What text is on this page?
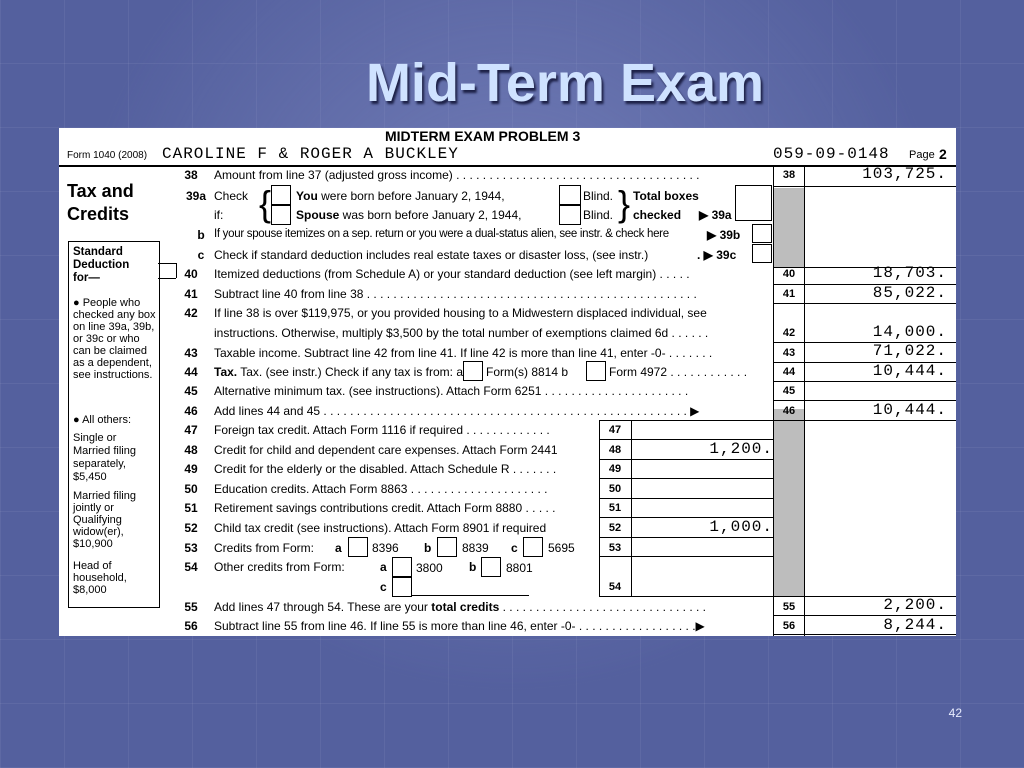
Mid-Term Exam
MIDTERM EXAM PROBLEM 3
Form 1040 (2008) CAROLINE F & ROGER A BUCKLEY	059-09-0148 Page 2
Tax and Credits
Standard Deduction for—
● People who checked any box on line 39a, 39b, or 39c or who can be claimed as a dependent, see instructions.
● All others:
Single or Married filing separately, $5,450
Married filing jointly or Qualifying widow(er), $10,900
Head of household, $8,000
38	Amount from line 37 (adjusted gross income) . . . . . . . . . . . . . . . . . . . . . . . . . . . . . . . . . . . . .	38	103,725.
39a Check
if: { You were born before January 2, 1944,
Spouse was born before January 2, 1944,
Blind.
Blind. } Total boxes
checked ▶ 39a
b If your spouse itemizes on a sep. return or you were a dual-status alien, see instr. & check here	▶ 39b
c Check if standard deduction includes real estate taxes or disaster loss, (see instr.)	. ▶ 39c
40	Itemized deductions (from Schedule A) or your standard deduction (see left margin) . . . . .	40	18,703.
41	Subtract line 40 from line 38 . . . . . . . . . . . . . . . . . . . . . . . . . . . . . . . . . . . . . . . . . . . . . . . . . .	41	85,022.
42	If line 38 is over $119,975, or you provided housing to a Midwestern displaced individual, see
instructions. Otherwise, multiply $3,500 by the total number of exemptions claimed 6d . . . . . .	42	14,000.
43	Taxable income. Subtract line 42 from line 41. If line 42 is more than line 41, enter -0- . . . . . . .	43	71,022.
44	Tax. Tax. (see instr.) Check if any tax is from: a Form(s) 8814 b	Form 4972 . . . . . . . . . . . .	44	10,444.
45	Alternative minimum tax. (see instructions). Attach Form 6251 . . . . . . . . . . . . . . . . . . . . . .	45
46	Add lines 44 and 45 . . . . . . . . . . . . . . . . . . . . . . . . . . . . . . . . . . . . . . . . . . . . . . . . . . . . . . . ▶	46	10,444.
47	Foreign tax credit. Attach Form 1116 if required . . . . . . . . . . . . .	47
48	Credit for child and dependent care expenses. Attach Form 2441	48	1,200.
49	Credit for the elderly or the disabled. Attach Schedule R . . . . . . .	49
50	Education credits. Attach Form 8863 . . . . . . . . . . . . . . . . . . . . .	50
51	Retirement savings contributions credit. Attach Form 8880 . . . . .	51
52	Child tax credit (see instructions). Attach Form 8901 if required	52	1,000.
53	Credits from Form: a	8396 b	8839 c	5695	53
54	Other credits from Form:	a 3800 b 8801
c	54
55	Add lines 47 through 54. These are your total credits . . . . . . . . . . . . . . . . . . . . . . . . . . . . . . .	55	2,200.
56	Subtract line 55 from line 46. If line 55 is more than line 46, enter -0- . . . . . . . . . . . . . . . . . .▶	56	8,244.
42
